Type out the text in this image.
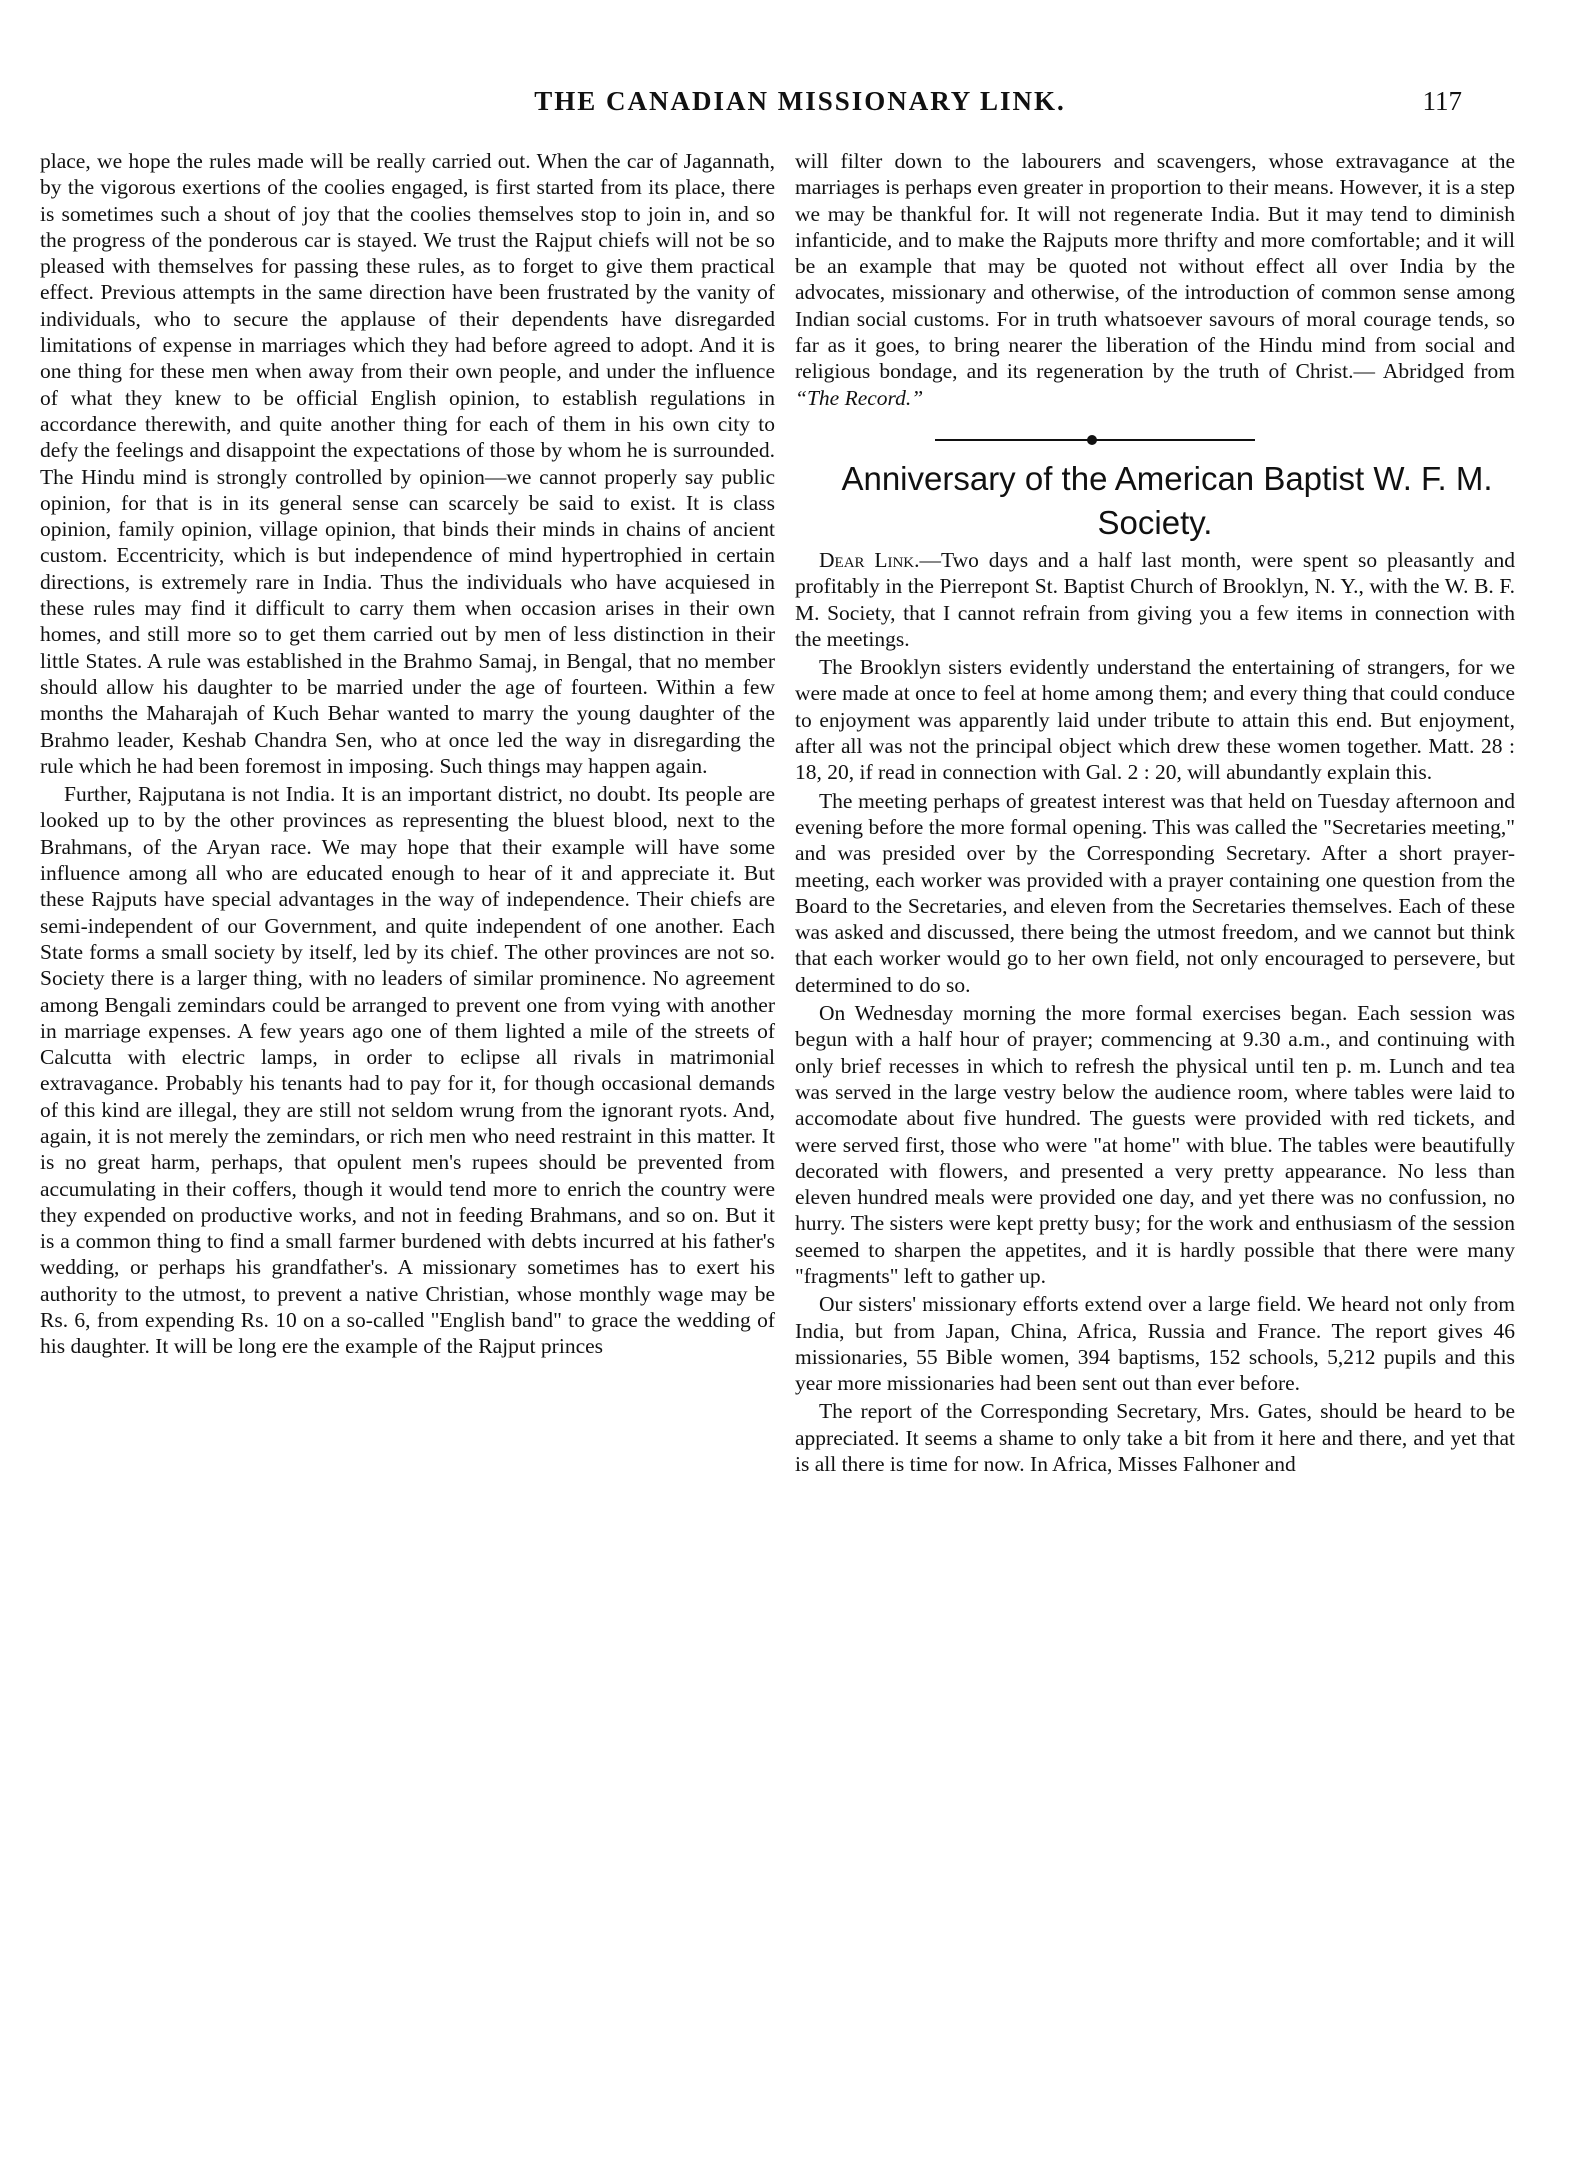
THE CANADIAN MISSIONARY LINK.	117

place, we hope the rules made will be really carried out. When the car of Jagannath, by the vigorous exertions of the coolies engaged, is first started from its place, there is sometimes such a shout of joy that the coolies themselves stop to join in, and so the progress of the ponderous car is stayed. We trust the Rajput chiefs will not be so pleased with themselves for passing these rules, as to forget to give them practical effect. Previous attempts in the same direction have been frustrated by the vanity of individuals, who to secure the applause of their dependents have disregarded limitations of expense in marriages which they had before agreed to adopt. And it is one thing for these men when away from their own people, and under the influence of what they knew to be official English opinion, to establish regulations in accordance therewith, and quite another thing for each of them in his own city to defy the feelings and disappoint the expectations of those by whom he is surrounded. The Hindu mind is strongly controlled by opinion—we cannot properly say public opinion, for that is in its general sense can scarcely be said to exist. It is class opinion, family opinion, village opinion, that binds their minds in chains of ancient custom. Eccentricity, which is but independence of mind hypertrophied in certain directions, is extremely rare in India. Thus the individuals who have acquiesed in these rules may find it difficult to carry them when occasion arises in their own homes, and still more so to get them carried out by men of less distinction in their little States. A rule was established in the Brahmo Samaj, in Bengal, that no member should allow his daughter to be married under the age of fourteen. Within a few months the Maharajah of Kuch Behar wanted to marry the young daughter of the Brahmo leader, Keshab Chandra Sen, who at once led the way in disregarding the rule which he had been foremost in imposing. Such things may happen again.

Further, Rajputana is not India. It is an important district, no doubt. Its people are looked up to by the other provinces as representing the bluest blood, next to the Brahmans, of the Aryan race. We may hope that their example will have some influence among all who are educated enough to hear of it and appreciate it. But these Rajputs have special advantages in the way of independence. Their chiefs are semi-independent of our Government, and quite independent of one another. Each State forms a small society by itself, led by its chief. The other provinces are not so. Society there is a larger thing, with no leaders of similar prominence. No agreement among Bengali zemindars could be arranged to prevent one from vying with another in marriage expenses. A few years ago one of them lighted a mile of the streets of Calcutta with electric lamps, in order to eclipse all rivals in matrimonial extravagance. Probably his tenants had to pay for it, for though occasional demands of this kind are illegal, they are still not seldom wrung from the ignorant ryots. And, again, it is not merely the zemindars, or rich men who need restraint in this matter. It is no great harm, perhaps, that opulent men's rupees should be prevented from accumulating in their coffers, though it would tend more to enrich the country were they expended on productive works, and not in feeding Brahmans, and so on. But it is a common thing to find a small farmer burdened with debts incurred at his father's wedding, or perhaps his grandfather's. A missionary sometimes has to exert his authority to the utmost, to prevent a native Christian, whose monthly wage may be Rs. 6, from expending Rs. 10 on a so-called "English band" to grace the wedding of his daughter. It will be long ere the example of the Rajput princes

will filter down to the labourers and scavengers, whose extravagance at the marriages is perhaps even greater in proportion to their means. However, it is a step we may be thankful for. It will not regenerate India. But it may tend to diminish infanticide, and to make the Rajputs more thrifty and more comfortable; and it will be an example that may be quoted not without effect all over India by the advocates, missionary and otherwise, of the introduction of common sense among Indian social customs. For in truth whatsoever savours of moral courage tends, so far as it goes, to bring nearer the liberation of the Hindu mind from social and religious bondage, and its regeneration by the truth of Christ.— Abridged from “The Record.”

Anniversary of the American Baptist W. F. M. Society.

Dear Link.—Two days and a half last month, were spent so pleasantly and profitably in the Pierrepont St. Baptist Church of Brooklyn, N. Y., with the W. B. F. M. Society, that I cannot refrain from giving you a few items in connection with the meetings.

The Brooklyn sisters evidently understand the entertaining of strangers, for we were made at once to feel at home among them; and every thing that could conduce to enjoyment was apparently laid under tribute to attain this end. But enjoyment, after all was not the principal object which drew these women together. Matt. 28 : 18, 20, if read in connection with Gal. 2 : 20, will abundantly explain this.

The meeting perhaps of greatest interest was that held on Tuesday afternoon and evening before the more formal opening. This was called the "Secretaries meeting," and was presided over by the Corresponding Secretary. After a short prayer-meeting, each worker was provided with a prayer containing one question from the Board to the Secretaries, and eleven from the Secretaries themselves. Each of these was asked and discussed, there being the utmost freedom, and we cannot but think that each worker would go to her own field, not only encouraged to persevere, but determined to do so.

On Wednesday morning the more formal exercises began. Each session was begun with a half hour of prayer; commencing at 9.30 a.m., and continuing with only brief recesses in which to refresh the physical until ten p. m. Lunch and tea was served in the large vestry below the audience room, where tables were laid to accomodate about five hundred. The guests were provided with red tickets, and were served first, those who were "at home" with blue. The tables were beautifully decorated with flowers, and presented a very pretty appearance. No less than eleven hundred meals were provided one day, and yet there was no confussion, no hurry. The sisters were kept pretty busy; for the work and enthusiasm of the session seemed to sharpen the appetites, and it is hardly possible that there were many "fragments" left to gather up.

Our sisters' missionary efforts extend over a large field. We heard not only from India, but from Japan, China, Africa, Russia and France. The report gives 46 missionaries, 55 Bible women, 394 baptisms, 152 schools, 5,212 pupils and this year more missionaries had been sent out than ever before.

The report of the Corresponding Secretary, Mrs. Gates, should be heard to be appreciated. It seems a shame to only take a bit from it here and there, and yet that is all there is time for now. In Africa, Misses Falhoner and
